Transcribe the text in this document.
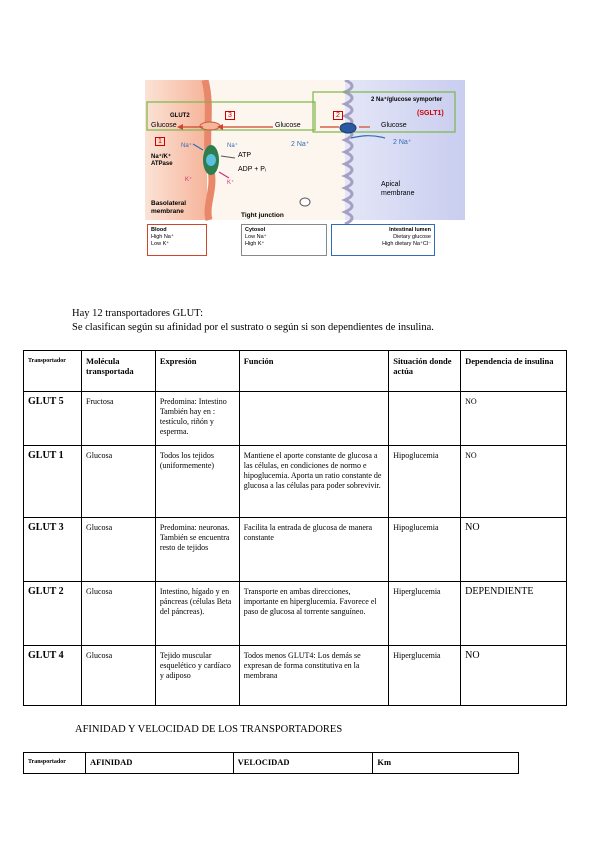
GLUT2
1
3	2
Glucose	Glucose	Glucose
2 Na⁺/glucose symporter
(SGLT1)
2 Na⁺
2 Na⁺
Na⁺	Na⁺
Na⁺/K⁺ ATPase
ATP
ADP + Pᵢ
K⁺	K⁺	Apical membrane
Basolateral membrane
Tight junction
Blood
High Na⁺
Low K⁺
Cytosol
Low Na⁺
High K⁺
Intestinal lumen
Dietary glucose
High dietary Na⁺Cl⁻
Hay 12 transportadores GLUT:
Se clasifican según su afinidad por el sustrato o según si son dependientes de insulina.
Transportador	Molécula transportada	Expresión	Función	Situación donde actúa	Dependencia de insulina
GLUT 5	Fructosa	Predomina: Intestino También hay en : testículo, riñón y esperma.			NO
GLUT 1	Glucosa	Todos los tejidos (uniformemente)	Mantiene el aporte constante de glucosa a las células, en condiciones de normo e hipoglucemia. Aporta un ratio constante de glucosa a las células para poder sobrevivir.	Hipoglucemia	NO
GLUT 3	Glucosa	Predomina: neuronas. También se encuentra resto de tejidos	Facilita la entrada de glucosa de manera constante	Hipoglucemia	NO
GLUT 2	Glucosa	Intestino, hígado y en páncreas (células Beta del páncreas).	Transporte en ambas direcciones, importante en hiperglucemia. Favorece el paso de glucosa al torrente sanguíneo.	Hiperglucemia	DEPENDIENTE
GLUT 4	Glucosa	Tejido muscular esquelético y cardíaco y adiposo	Todos menos GLUT4: Los demás se expresan de forma constitutiva en la membrana	Hiperglucemia	NO
AFINIDAD Y VELOCIDAD DE LOS TRANSPORTADORES
Transportador	AFINIDAD	VELOCIDAD	Km
